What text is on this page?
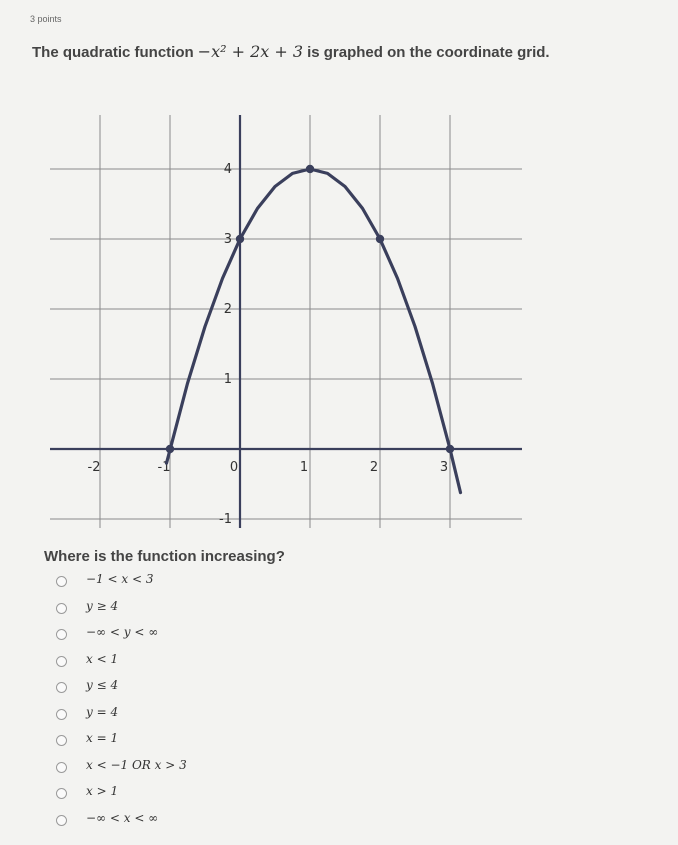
3 points
The quadratic function −x² + 2x + 3 is graphed on the coordinate grid.
-2	-1	0	1	2	3
4
3
2
1
-1
Where is the function increasing?
−1 < x < 3
y ≥ 4
−∞ < y < ∞
x < 1
y ≤ 4
y = 4
x = 1
x < −1 OR x > 3
x > 1
−∞ < x < ∞
